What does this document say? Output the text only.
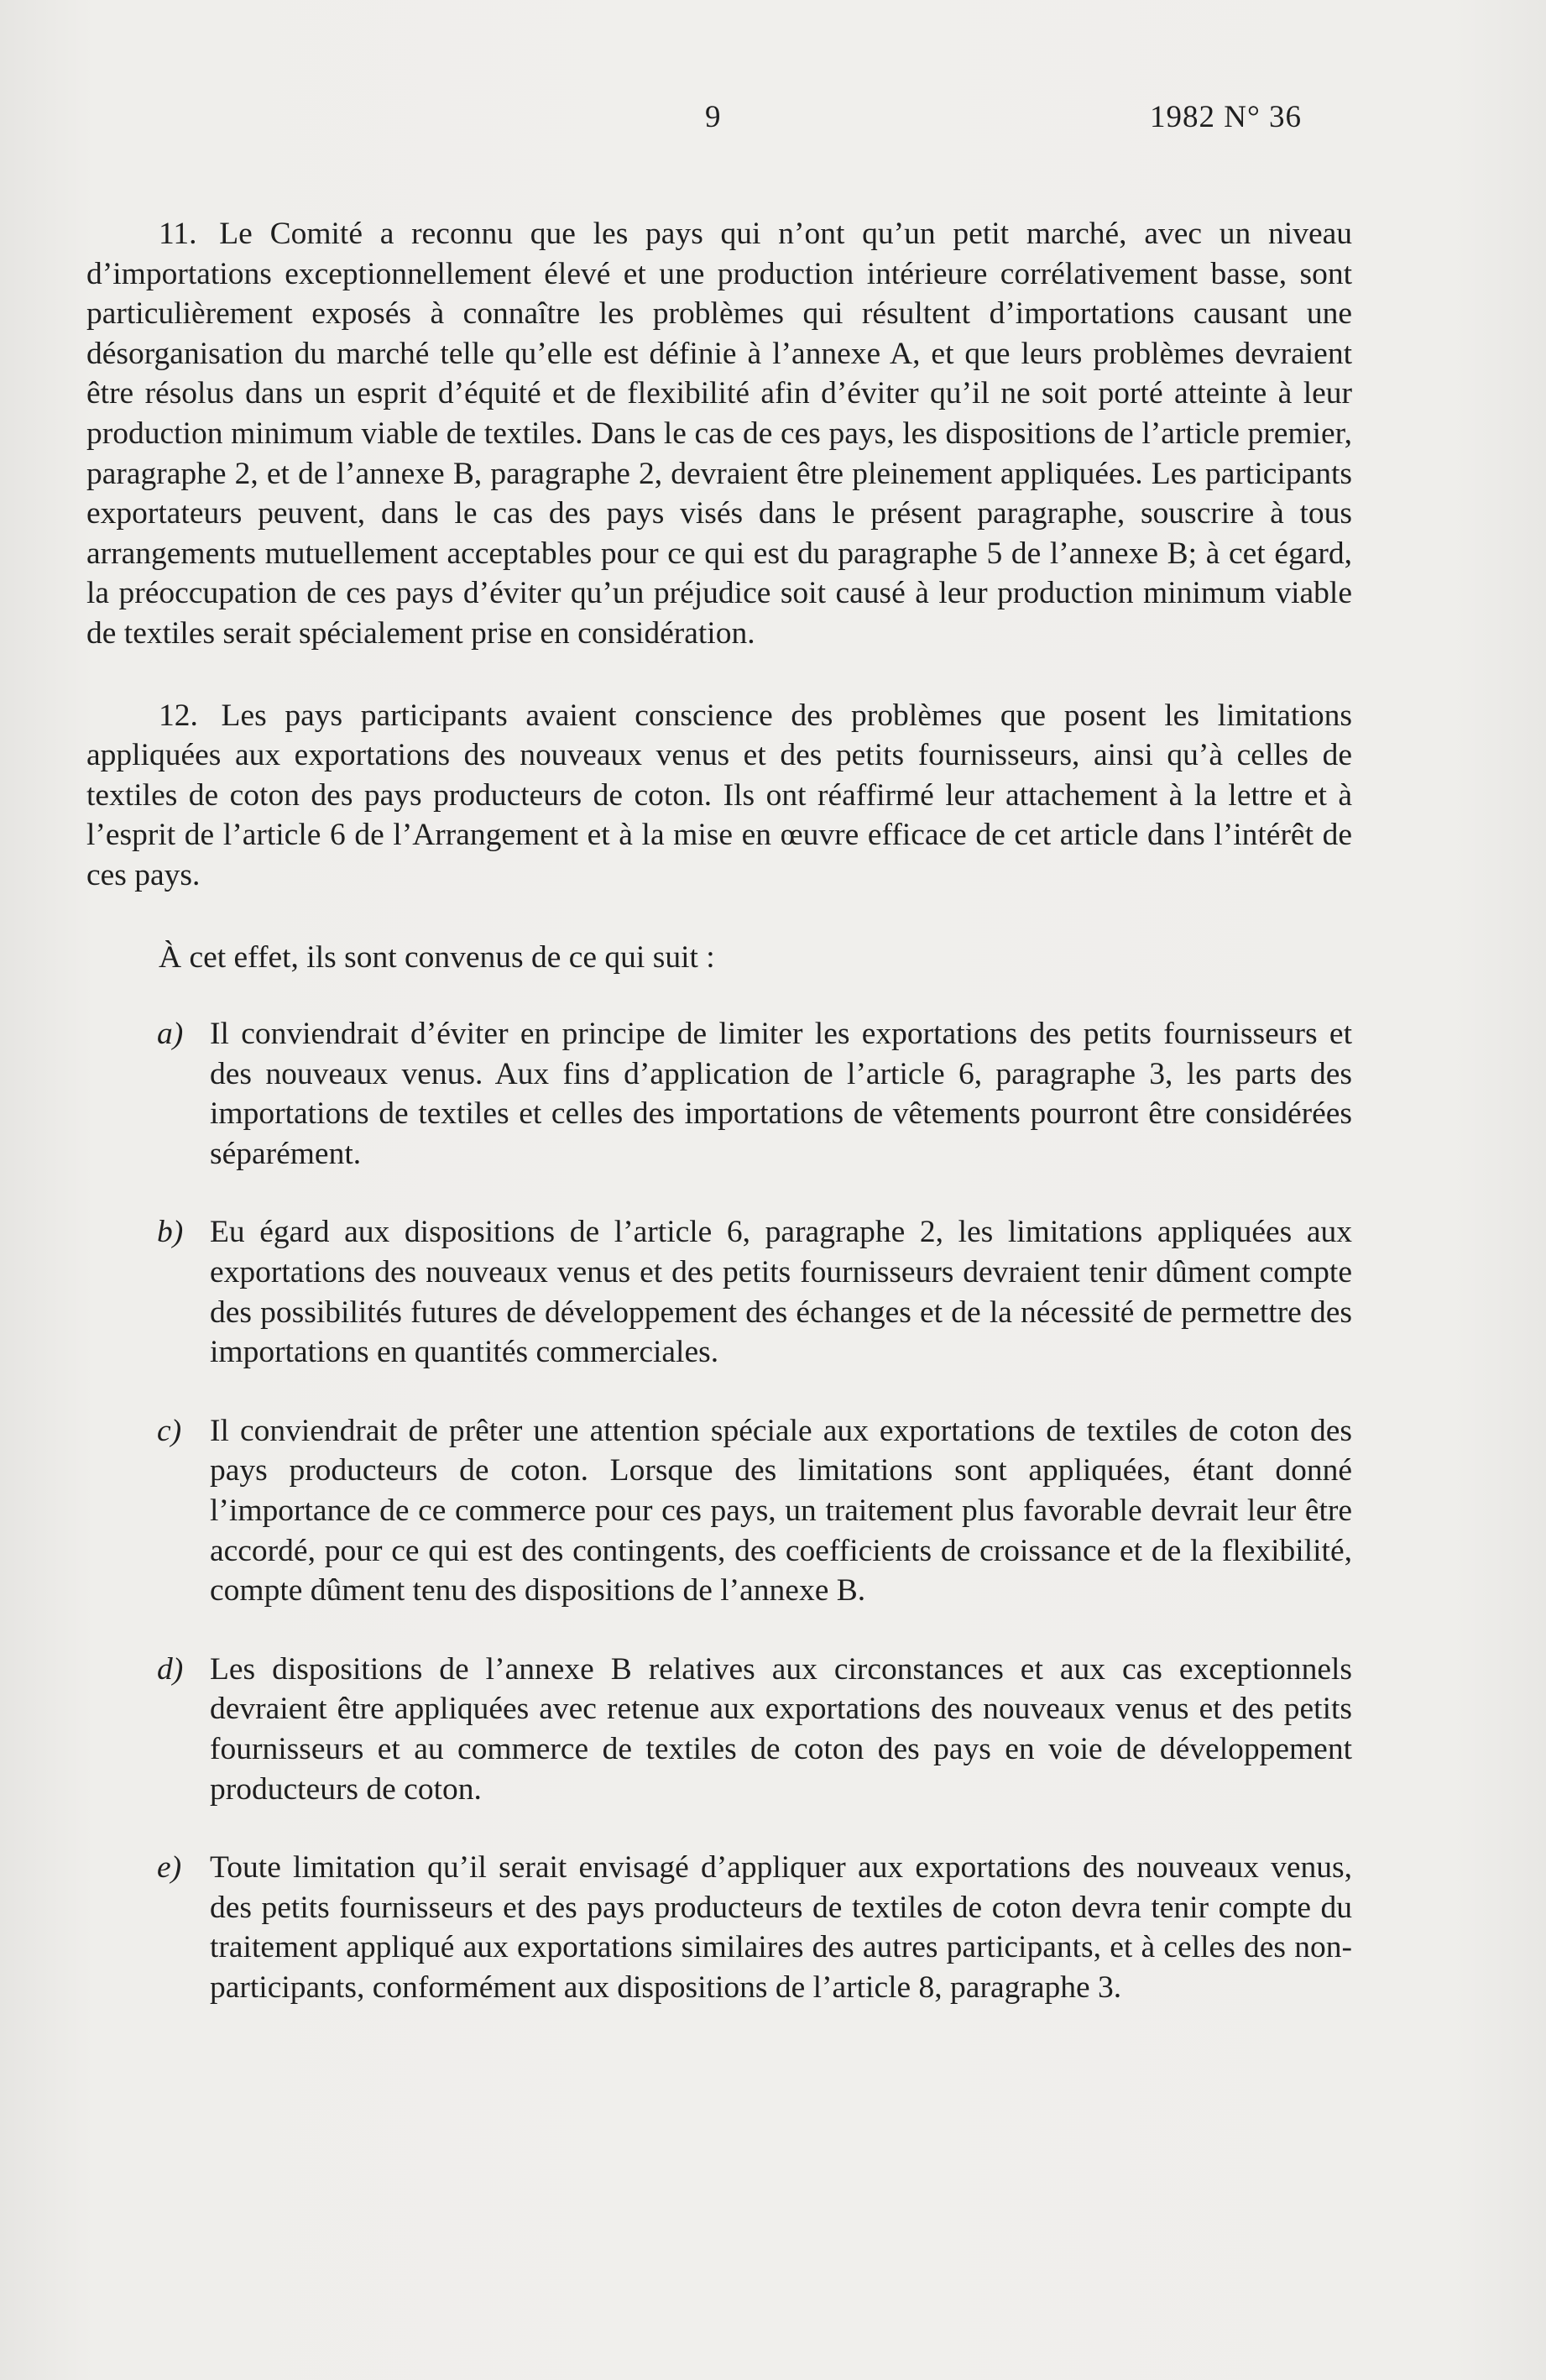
9	1982 N° 36

11. Le Comité a reconnu que les pays qui n’ont qu’un petit marché, avec un niveau d’importations exceptionnellement élevé et une production intérieure corrélativement basse, sont particulièrement exposés à connaître les problèmes qui résultent d’importations causant une désorganisation du marché telle qu’elle est définie à l’annexe A, et que leurs problèmes devraient être résolus dans un esprit d’équité et de flexibilité afin d’éviter qu’il ne soit porté atteinte à leur production minimum viable de textiles. Dans le cas de ces pays, les dispositions de l’article premier, paragraphe 2, et de l’annexe B, paragraphe 2, devraient être pleinement appliquées. Les participants exportateurs peuvent, dans le cas des pays visés dans le présent paragraphe, souscrire à tous arrangements mutuellement acceptables pour ce qui est du paragraphe 5 de l’annexe B; à cet égard, la préoccupation de ces pays d’éviter qu’un préjudice soit causé à leur production minimum viable de textiles serait spécialement prise en considération.

12. Les pays participants avaient conscience des problèmes que posent les limitations appliquées aux exportations des nouveaux venus et des petits fournisseurs, ainsi qu’à celles de textiles de coton des pays producteurs de coton. Ils ont réaffirmé leur attachement à la lettre et à l’esprit de l’article 6 de l’Arrangement et à la mise en œuvre efficace de cet article dans l’intérêt de ces pays.

À cet effet, ils sont convenus de ce qui suit :

a) Il conviendrait d’éviter en principe de limiter les exportations des petits fournisseurs et des nouveaux venus. Aux fins d’application de l’article 6, paragraphe 3, les parts des importations de textiles et celles des importations de vêtements pourront être considérées séparément.
b) Eu égard aux dispositions de l’article 6, paragraphe 2, les limitations appliquées aux exportations des nouveaux venus et des petits fournisseurs devraient tenir dûment compte des possibilités futures de développement des échanges et de la nécessité de permettre des importations en quantités commerciales.
c) Il conviendrait de prêter une attention spéciale aux exportations de textiles de coton des pays producteurs de coton. Lorsque des limitations sont appliquées, étant donné l’importance de ce commerce pour ces pays, un traitement plus favorable devrait leur être accordé, pour ce qui est des contingents, des coefficients de croissance et de la flexibilité, compte dûment tenu des dispositions de l’annexe B.
d) Les dispositions de l’annexe B relatives aux circonstances et aux cas exceptionnels devraient être appliquées avec retenue aux exportations des nouveaux venus et des petits fournisseurs et au commerce de textiles de coton des pays en voie de développement producteurs de coton.
e) Toute limitation qu’il serait envisagé d’appliquer aux exportations des nouveaux venus, des petits fournisseurs et des pays producteurs de textiles de coton devra tenir compte du traitement appliqué aux exportations similaires des autres participants, et à celles des non-participants, conformément aux dispositions de l’article 8, paragraphe 3.
